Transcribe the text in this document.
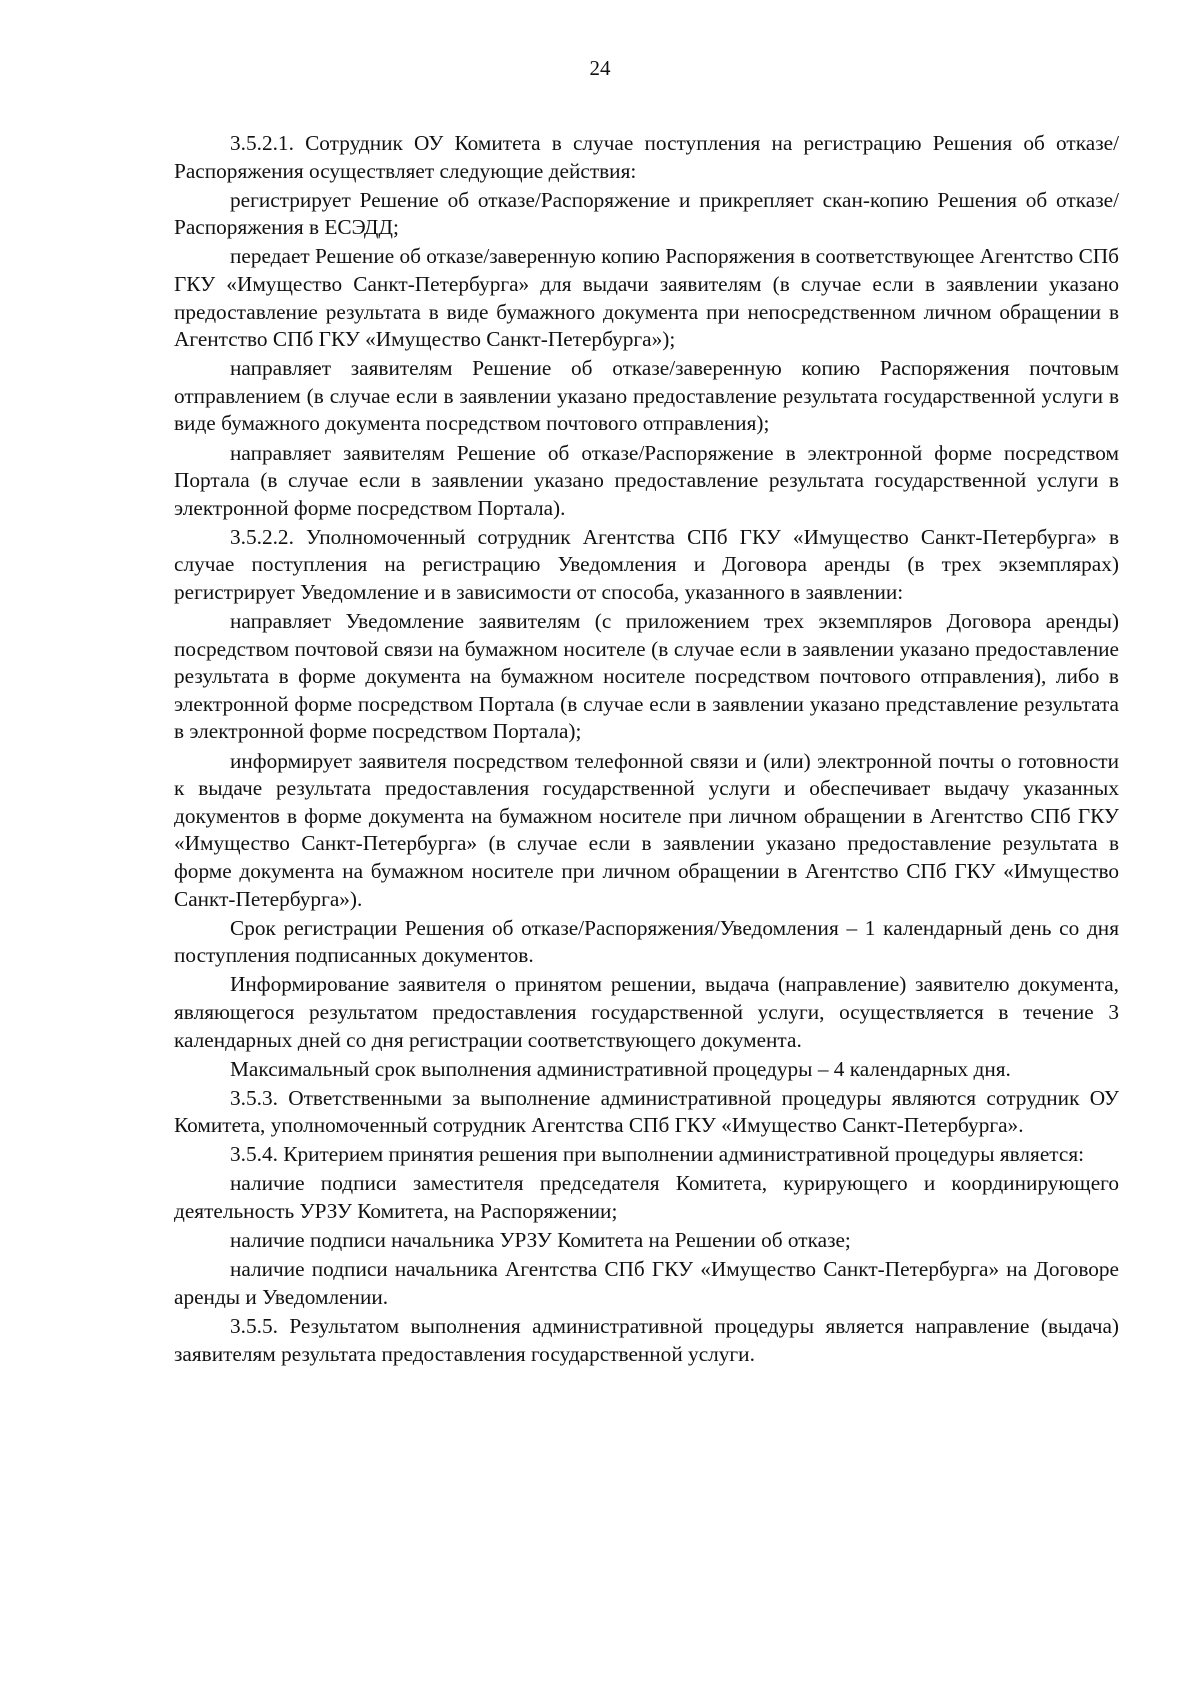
24

3.5.2.1. Сотрудник ОУ Комитета в случае поступления на регистрацию Решения об отказе/Распоряжения осуществляет следующие действия:

регистрирует Решение об отказе/Распоряжение и прикрепляет скан-копию Решения об отказе/Распоряжения в ЕСЭДД;

передает Решение об отказе/заверенную копию Распоряжения в соответствующее Агентство СПб ГКУ «Имущество Санкт-Петербурга» для выдачи заявителям (в случае если в заявлении указано предоставление результата в виде бумажного документа при непосредственном личном обращении в Агентство СПб ГКУ «Имущество Санкт-Петербурга»);

направляет заявителям Решение об отказе/заверенную копию Распоряжения почтовым отправлением (в случае если в заявлении указано предоставление результата государственной услуги в виде бумажного документа посредством почтового отправления);

направляет заявителям Решение об отказе/Распоряжение в электронной форме посредством Портала (в случае если в заявлении указано предоставление результата государственной услуги в электронной форме посредством Портала).

3.5.2.2. Уполномоченный сотрудник Агентства СПб ГКУ «Имущество Санкт-Петербурга» в случае поступления на регистрацию Уведомления и Договора аренды (в трех экземплярах) регистрирует Уведомление и в зависимости от способа, указанного в заявлении:

направляет Уведомление заявителям (с приложением трех экземпляров Договора аренды) посредством почтовой связи на бумажном носителе (в случае если в заявлении указано предоставление результата в форме документа на бумажном носителе посредством почтового отправления), либо в электронной форме посредством Портала (в случае если в заявлении указано представление результата в электронной форме посредством Портала);

информирует заявителя посредством телефонной связи и (или) электронной почты о готовности к выдаче результата предоставления государственной услуги и обеспечивает выдачу указанных документов в форме документа на бумажном носителе при личном обращении в Агентство СПб ГКУ «Имущество Санкт-Петербурга» (в случае если в заявлении указано предоставление результата в форме документа на бумажном носителе при личном обращении в Агентство СПб ГКУ «Имущество Санкт-Петербурга»).

Срок регистрации Решения об отказе/Распоряжения/Уведомления – 1 календарный день со дня поступления подписанных документов.

Информирование заявителя о принятом решении, выдача (направление) заявителю документа, являющегося результатом предоставления государственной услуги, осуществляется в течение 3 календарных дней со дня регистрации соответствующего документа.

Максимальный срок выполнения административной процедуры – 4 календарных дня.

3.5.3. Ответственными за выполнение административной процедуры являются сотрудник ОУ Комитета, уполномоченный сотрудник Агентства СПб ГКУ «Имущество Санкт-Петербурга».

3.5.4. Критерием принятия решения при выполнении административной процедуры является:

наличие подписи заместителя председателя Комитета, курирующего и координирующего деятельность УРЗУ Комитета, на Распоряжении;

наличие подписи начальника УРЗУ Комитета на Решении об отказе;

наличие подписи начальника Агентства СПб ГКУ «Имущество Санкт-Петербурга» на Договоре аренды и Уведомлении.

3.5.5. Результатом выполнения административной процедуры является направление (выдача) заявителям результата предоставления государственной услуги.
